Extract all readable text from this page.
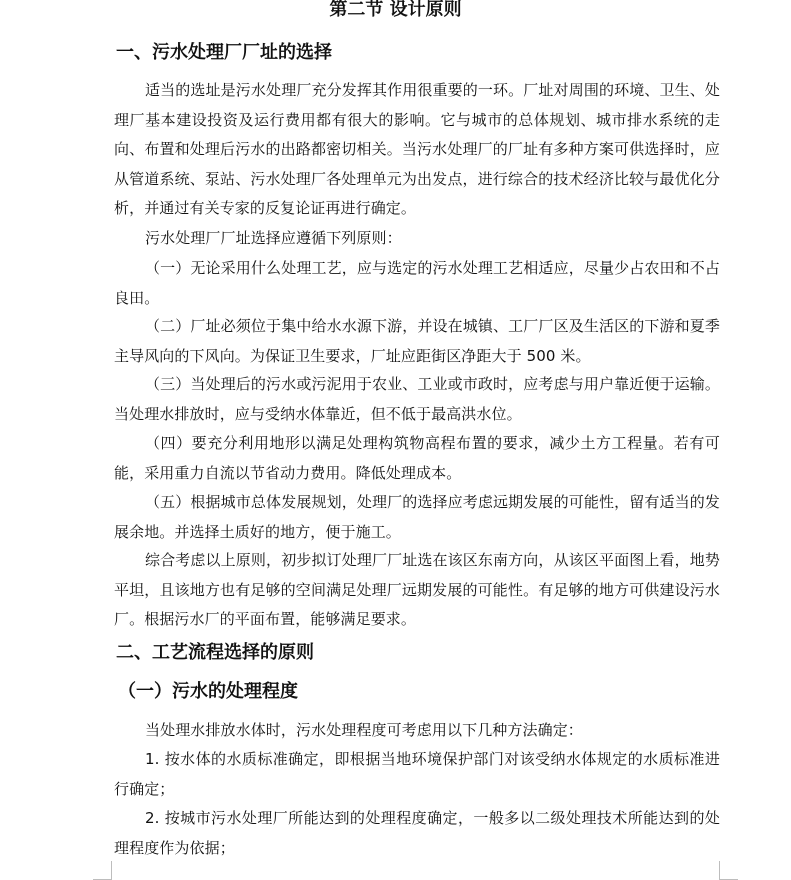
第二节 设计原则
一、污水处理厂厂址的选择

适当的选址是污水处理厂充分发挥其作用很重要的一环。厂址对周围的环境、卫生、处理厂基本建设投资及运行费用都有很大的影响。它与城市的总体规划、城市排水系统的走向、布置和处理后污水的出路都密切相关。当污水处理厂的厂址有多种方案可供选择时，应从管道系统、泵站、污水处理厂各处理单元为出发点，进行综合的技术经济比较与最优化分析，并通过有关专家的反复论证再进行确定。

污水处理厂厂址选择应遵循下列原则：

（一）无论采用什么处理工艺，应与选定的污水处理工艺相适应，尽量少占农田和不占良田。

（二）厂址必须位于集中给水水源下游，并设在城镇、工厂厂区及生活区的下游和夏季主导风向的下风向。为保证卫生要求，厂址应距街区净距大于 500 米。

（三）当处理后的污水或污泥用于农业、工业或市政时，应考虑与用户靠近便于运输。当处理水排放时，应与受纳水体靠近，但不低于最高洪水位。

（四）要充分利用地形以满足处理构筑物高程布置的要求，减少土方工程量。若有可能，采用重力自流以节省动力费用。降低处理成本。

（五）根据城市总体发展规划，处理厂的选择应考虑远期发展的可能性，留有适当的发展余地。并选择土质好的地方，便于施工。

综合考虑以上原则，初步拟订处理厂厂址选在该区东南方向，从该区平面图上看，地势平坦，且该地方也有足够的空间满足处理厂远期发展的可能性。有足够的地方可供建设污水厂。根据污水厂的平面布置，能够满足要求。

二、工艺流程选择的原则
（一）污水的处理程度

当处理水排放水体时，污水处理程度可考虑用以下几种方法确定：

1. 按水体的水质标准确定，即根据当地环境保护部门对该受纳水体规定的水质标准进行确定；

2. 按城市污水处理厂所能达到的处理程度确定，一般多以二级处理技术所能达到的处理程度作为依据；
